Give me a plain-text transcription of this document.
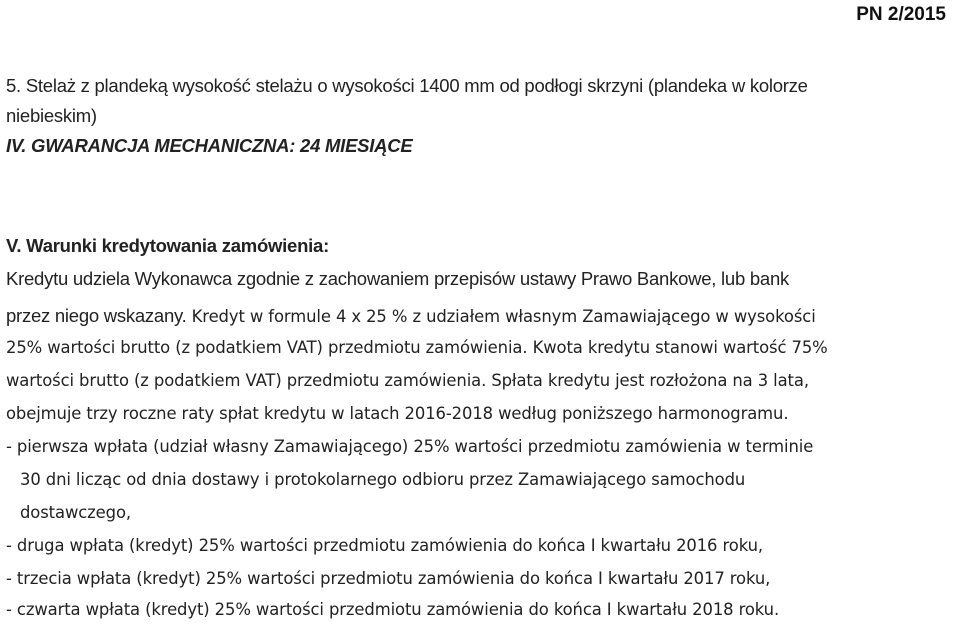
PN 2/2015
5. Stelaż z plandeką wysokość stelażu o wysokości 1400 mm od podłogi skrzyni (plandeka w kolorze
niebieskim)
IV. GWARANCJA MECHANICZNA: 24 MIESIĄCE
V. Warunki kredytowania zamówienia:
Kredytu udziela Wykonawca zgodnie z zachowaniem przepisów ustawy Prawo Bankowe, lub bank
przez niego wskazany. Kredyt w formule 4 x 25 % z udziałem własnym Zamawiającego w wysokości
25% wartości brutto (z podatkiem VAT) przedmiotu zamówienia. Kwota kredytu stanowi wartość 75%
wartości brutto (z podatkiem VAT) przedmiotu zamówienia. Spłata kredytu jest rozłożona na 3 lata,
obejmuje trzy roczne raty spłat kredytu w latach 2016-2018 według poniższego harmonogramu.
- pierwsza wpłata (udział własny Zamawiającego) 25% wartości przedmiotu zamówienia w terminie
30 dni licząc od dnia dostawy i protokolarnego odbioru przez Zamawiającego samochodu
dostawczego,
- druga wpłata (kredyt) 25% wartości przedmiotu zamówienia do końca I kwartału 2016 roku,
- trzecia wpłata (kredyt) 25% wartości przedmiotu zamówienia do końca I kwartału 2017 roku,
- czwarta wpłata (kredyt) 25% wartości przedmiotu zamówienia do końca I kwartału 2018 roku.
